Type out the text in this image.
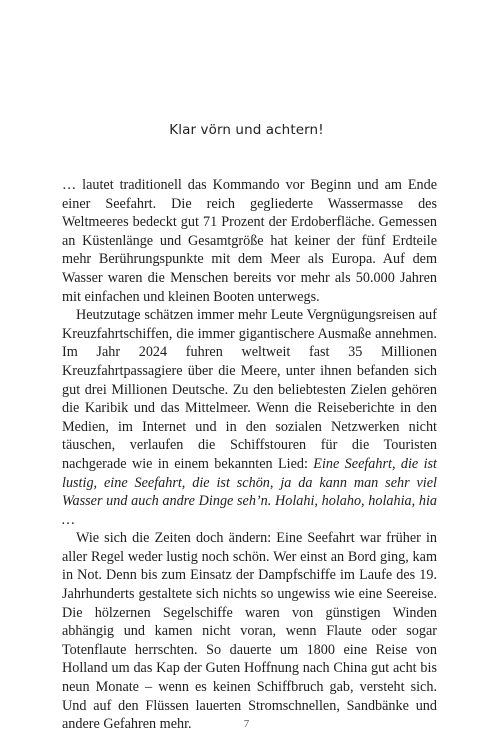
Klar vörn und achtern!

… lautet traditionell das Kommando vor Beginn und am Ende einer Seefahrt. Die reich gegliederte Wassermasse des Weltmeeres bedeckt gut 71 Prozent der Erdoberfläche. Gemessen an Küstenlänge und Gesamtgröße hat keiner der fünf Erdteile mehr Berührungspunkte mit dem Meer als Europa. Auf dem Wasser waren die Menschen bereits vor mehr als 50.000 Jahren mit einfachen und kleinen Booten unterwegs.

Heutzutage schätzen immer mehr Leute Vergnügungsreisen auf Kreuzfahrtschiffen, die immer gigantischere Ausmaße annehmen. Im Jahr 2024 fuhren weltweit fast 35 Millionen Kreuzfahrtpassagiere über die Meere, unter ihnen befanden sich gut drei Millionen Deutsche. Zu den beliebtesten Zielen gehören die Karibik und das Mittelmeer. Wenn die Reiseberichte in den Medien, im Internet und in den sozialen Netzwerken nicht täuschen, verlaufen die Schiffstouren für die Touristen nachgerade wie in einem bekannten Lied: Eine Seefahrt, die ist lustig, eine Seefahrt, die ist schön, ja da kann man sehr viel Wasser und auch andre Dinge seh’n. Holahi, holaho, holahia, hia …

Wie sich die Zeiten doch ändern: Eine Seefahrt war früher in aller Regel weder lustig noch schön. Wer einst an Bord ging, kam in Not. Denn bis zum Einsatz der Dampfschiffe im Laufe des 19. Jahrhunderts gestaltete sich nichts so ungewiss wie eine Seereise. Die hölzernen Segelschiffe waren von günstigen Winden abhängig und kamen nicht voran, wenn Flaute oder sogar Totenflaute herrschten. So dauerte um 1800 eine Reise von Holland um das Kap der Guten Hoffnung nach China gut acht bis neun Monate – wenn es keinen Schiffbruch gab, versteht sich. Und auf den Flüssen lauerten Stromschnellen, Sandbänke und andere Gefahren mehr.	7
